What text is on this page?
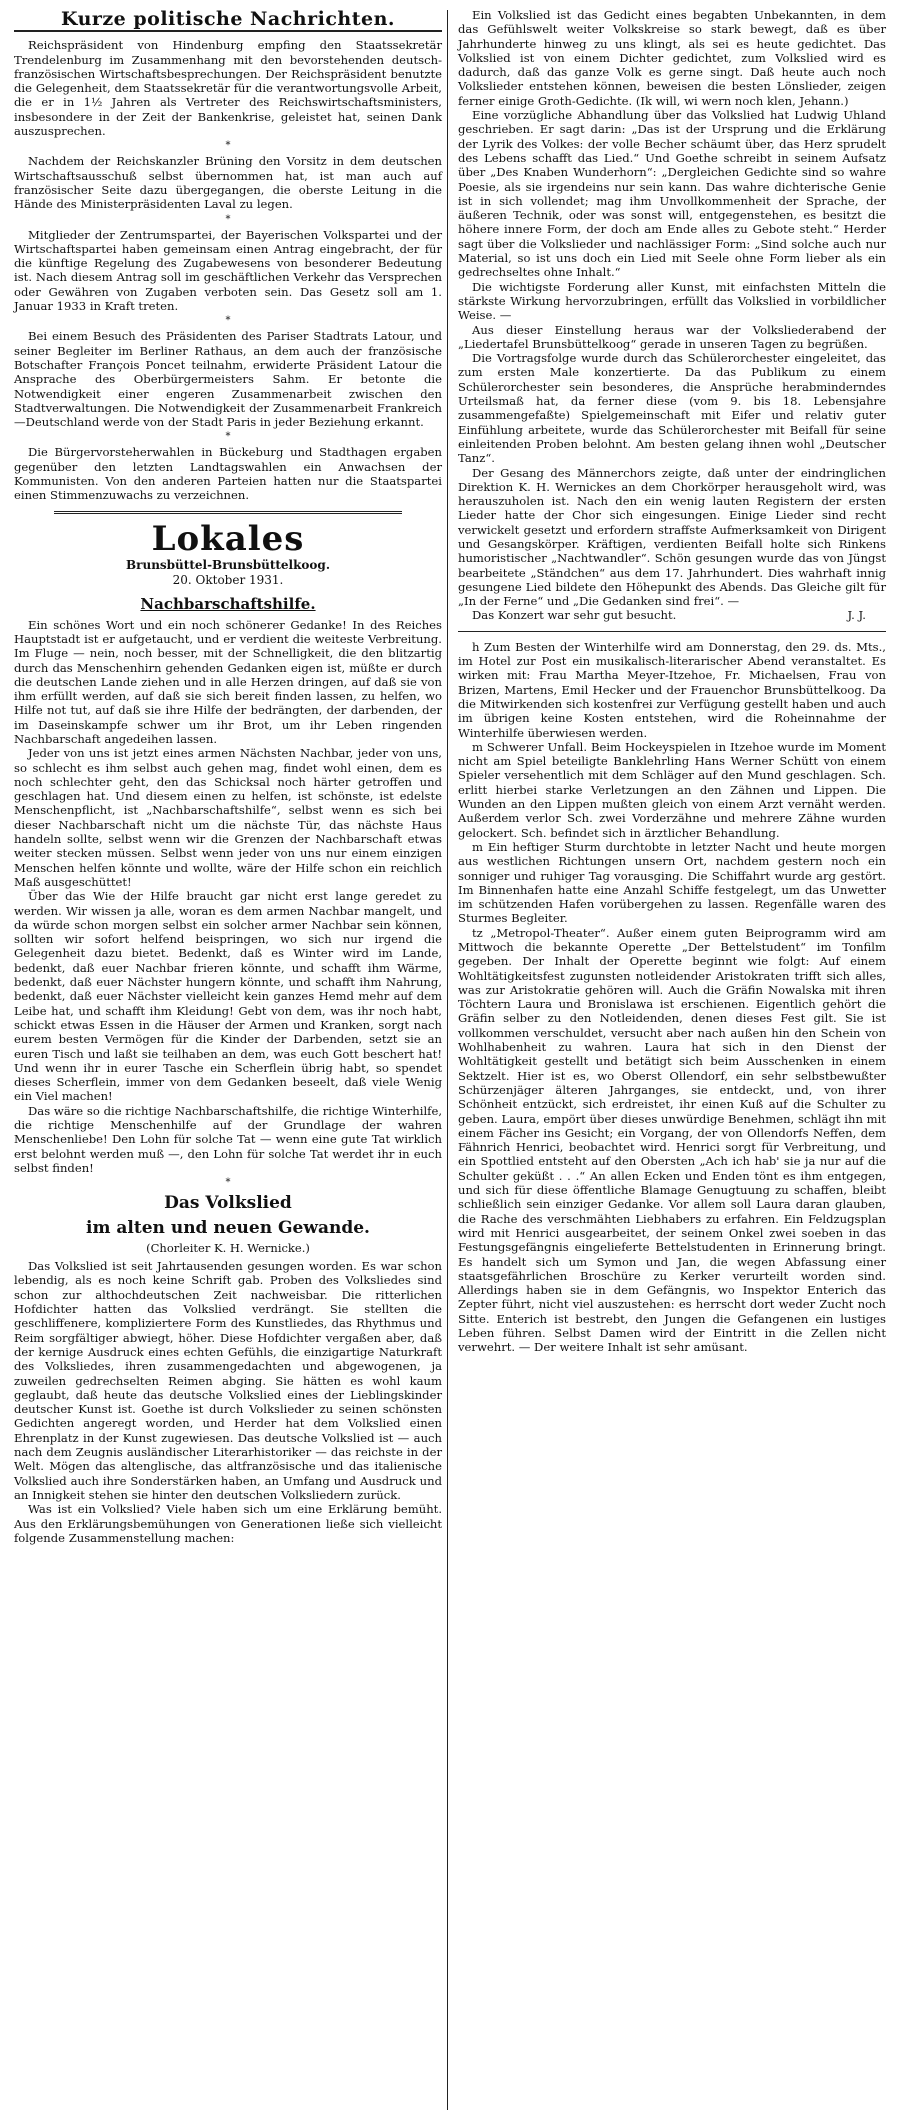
Kurze politische Nachrichten.

Reichspräsident von Hindenburg empfing den Staatssekretär Trendelenburg im Zusammenhang mit den bevorstehenden deutsch-französischen Wirtschaftsbesprechungen. Der Reichspräsident benutzte die Gelegenheit, dem Staatssekretär für die verantwortungsvolle Arbeit, die er in 1½ Jahren als Vertreter des Reichswirtschaftsministers, insbesondere in der Zeit der Bankenkrise, geleistet hat, seinen Dank auszusprechen.

*

Nachdem der Reichskanzler Brüning den Vorsitz in dem deutschen Wirtschaftsausschuß selbst übernommen hat, ist man auch auf französischer Seite dazu übergegangen, die oberste Leitung in die Hände des Ministerpräsidenten Laval zu legen.

*

Mitglieder der Zentrumspartei, der Bayerischen Volkspartei und der Wirtschaftspartei haben gemeinsam einen Antrag eingebracht, der für die künftige Regelung des Zugabewesens von besonderer Bedeutung ist. Nach diesem Antrag soll im geschäftlichen Verkehr das Versprechen oder Gewähren von Zugaben verboten sein. Das Gesetz soll am 1. Januar 1933 in Kraft treten.

*

Bei einem Besuch des Präsidenten des Pariser Stadtrats Latour, und seiner Begleiter im Berliner Rathaus, an dem auch der französische Botschafter François Poncet teilnahm, erwiderte Präsident Latour die Ansprache des Oberbürgermeisters Sahm. Er betonte die Notwendigkeit einer engeren Zusammenarbeit zwischen den Stadtverwaltungen. Die Notwendigkeit der Zusammenarbeit Frankreich—Deutschland werde von der Stadt Paris in jeder Beziehung erkannt.

*

Die Bürgervorsteherwahlen in Bückeburg und Stadthagen ergaben gegenüber den letzten Landtagswahlen ein Anwachsen der Kommunisten. Von den anderen Parteien hatten nur die Staatspartei einen Stimmenzuwachs zu verzeichnen.

Lokales
Brunsbüttel-Brunsbüttelkoog.
20. Oktober 1931.
Nachbarschaftshilfe.

Ein schönes Wort und ein noch schönerer Gedanke! In des Reiches Hauptstadt ist er aufgetaucht, und er verdient die weiteste Verbreitung. Im Fluge — nein, noch besser, mit der Schnelligkeit, die den blitzartig durch das Menschenhirn gehenden Gedanken eigen ist, müßte er durch die deutschen Lande ziehen und in alle Herzen dringen, auf daß sie von ihm erfüllt werden, auf daß sie sich bereit finden lassen, zu helfen, wo Hilfe not tut, auf daß sie ihre Hilfe der bedrängten, der darbenden, der im Daseinskampfe schwer um ihr Brot, um ihr Leben ringenden Nachbarschaft angedeihen lassen.

Jeder von uns ist jetzt eines armen Nächsten Nachbar, jeder von uns, so schlecht es ihm selbst auch gehen mag, findet wohl einen, dem es noch schlechter geht, den das Schicksal noch härter getroffen und geschlagen hat. Und diesem einen zu helfen, ist schönste, ist edelste Menschenpflicht, ist „Nachbarschaftshilfe“, selbst wenn es sich bei dieser Nachbarschaft nicht um die nächste Tür, das nächste Haus handeln sollte, selbst wenn wir die Grenzen der Nachbarschaft etwas weiter stecken müssen. Selbst wenn jeder von uns nur einem einzigen Menschen helfen könnte und wollte, wäre der Hilfe schon ein reichlich Maß ausgeschüttet!

Über das Wie der Hilfe braucht gar nicht erst lange geredet zu werden. Wir wissen ja alle, woran es dem armen Nachbar mangelt, und da würde schon morgen selbst ein solcher armer Nachbar sein können, sollten wir sofort helfend beispringen, wo sich nur irgend die Gelegenheit dazu bietet. Bedenkt, daß es Winter wird im Lande, bedenkt, daß euer Nachbar frieren könnte, und schafft ihm Wärme, bedenkt, daß euer Nächster hungern könnte, und schafft ihm Nahrung, bedenkt, daß euer Nächster vielleicht kein ganzes Hemd mehr auf dem Leibe hat, und schafft ihm Kleidung! Gebt von dem, was ihr noch habt, schickt etwas Essen in die Häuser der Armen und Kranken, sorgt nach eurem besten Vermögen für die Kinder der Darbenden, setzt sie an euren Tisch und laßt sie teilhaben an dem, was euch Gott beschert hat! Und wenn ihr in eurer Tasche ein Scherflein übrig habt, so spendet dieses Scherflein, immer von dem Gedanken beseelt, daß viele Wenig ein Viel machen!

Das wäre so die richtige Nachbarschaftshilfe, die richtige Winterhilfe, die richtige Menschenhilfe auf der Grundlage der wahren Menschenliebe! Den Lohn für solche Tat — wenn eine gute Tat wirklich erst belohnt werden muß —, den Lohn für solche Tat werdet ihr in euch selbst finden!

*
Das Volkslied
im alten und neuen Gewande.
(Chorleiter K. H. Wernicke.)

Das Volkslied ist seit Jahrtausenden gesungen worden. Es war schon lebendig, als es noch keine Schrift gab. Proben des Volksliedes sind schon zur althochdeutschen Zeit nachweisbar. Die ritterlichen Hofdichter hatten das Volkslied verdrängt. Sie stellten die geschliffenere, kompliziertere Form des Kunstliedes, das Rhythmus und Reim sorgfältiger abwiegt, höher. Diese Hofdichter vergaßen aber, daß der kernige Ausdruck eines echten Gefühls, die einzigartige Naturkraft des Volksliedes, ihren zusammengedachten und abgewogenen, ja zuweilen gedrechselten Reimen abging. Sie hätten es wohl kaum geglaubt, daß heute das deutsche Volkslied eines der Lieblingskinder deutscher Kunst ist. Goethe ist durch Volkslieder zu seinen schönsten Gedichten angeregt worden, und Herder hat dem Volkslied einen Ehrenplatz in der Kunst zugewiesen. Das deutsche Volkslied ist — auch nach dem Zeugnis ausländischer Literarhistoriker — das reichste in der Welt. Mögen das altenglische, das altfranzösische und das italienische Volkslied auch ihre Sonderstärken haben, an Umfang und Ausdruck und an Innigkeit stehen sie hinter den deutschen Volksliedern zurück.

Was ist ein Volkslied? Viele haben sich um eine Erklärung bemüht. Aus den Erklärungsbemühungen von Generationen ließe sich vielleicht folgende Zusammenstellung machen:

Ein Volkslied ist das Gedicht eines begabten Unbekannten, in dem das Gefühlswelt weiter Volkskreise so stark bewegt, daß es über Jahrhunderte hinweg zu uns klingt, als sei es heute gedichtet. Das Volkslied ist von einem Dichter gedichtet, zum Volkslied wird es dadurch, daß das ganze Volk es gerne singt. Daß heute auch noch Volkslieder entstehen können, beweisen die besten Lönslieder, zeigen ferner einige Groth-Gedichte. (Ik will, wi wern noch klen, Jehann.)

Eine vorzügliche Abhandlung über das Volkslied hat Ludwig Uhland geschrieben. Er sagt darin: „Das ist der Ursprung und die Erklärung der Lyrik des Volkes: der volle Becher schäumt über, das Herz sprudelt des Lebens schafft das Lied.“ Und Goethe schreibt in seinem Aufsatz über „Des Knaben Wunderhorn“: „Dergleichen Gedichte sind so wahre Poesie, als sie irgendeins nur sein kann. Das wahre dichterische Genie ist in sich vollendet; mag ihm Unvollkommenheit der Sprache, der äußeren Technik, oder was sonst will, entgegenstehen, es besitzt die höhere innere Form, der doch am Ende alles zu Gebote steht.“ Herder sagt über die Volkslieder und nachlässiger Form: „Sind solche auch nur Material, so ist uns doch ein Lied mit Seele ohne Form lieber als ein gedrechseltes ohne Inhalt.“

Die wichtigste Forderung aller Kunst, mit einfachsten Mitteln die stärkste Wirkung hervorzubringen, erfüllt das Volkslied in vorbildlicher Weise. —

Aus dieser Einstellung heraus war der Volksliederabend der „Liedertafel Brunsbüttelkoog“ gerade in unseren Tagen zu begrüßen.

Die Vortragsfolge wurde durch das Schülerorchester eingeleitet, das zum ersten Male konzertierte. Da das Publikum zu einem Schülerorchester sein besonderes, die Ansprüche herabminderndes Urteilsmaß hat, da ferner diese (vom 9. bis 18. Lebensjahre zusammengefaßte) Spielgemeinschaft mit Eifer und relativ guter Einfühlung arbeitete, wurde das Schülerorchester mit Beifall für seine einleitenden Proben belohnt. Am besten gelang ihnen wohl „Deutscher Tanz“.

Der Gesang des Männerchors zeigte, daß unter der eindringlichen Direktion K. H. Wernickes an dem Chorkörper herausgeholt wird, was herauszuholen ist. Nach den ein wenig lauten Registern der ersten Lieder hatte der Chor sich eingesungen. Einige Lieder sind recht verwickelt gesetzt und erfordern straffste Aufmerksamkeit von Dirigent und Gesangskörper. Kräftigen, verdienten Beifall holte sich Rinkens humoristischer „Nachtwandler“. Schön gesungen wurde das von Jüngst bearbeitete „Ständchen“ aus dem 17. Jahrhundert. Dies wahrhaft innig gesungene Lied bildete den Höhepunkt des Abends. Das Gleiche gilt für „In der Ferne“ und „Die Gedanken sind frei“. —

Das Konzert war sehr gut besucht.	J. J.

h Zum Besten der Winterhilfe wird am Donnerstag, den 29. ds. Mts., im Hotel zur Post ein musikalisch-literarischer Abend veranstaltet. Es wirken mit: Frau Martha Meyer-Itzehoe, Fr. Michaelsen, Frau von Brizen, Martens, Emil Hecker und der Frauenchor Brunsbüttelkoog. Da die Mitwirkenden sich kostenfrei zur Verfügung gestellt haben und auch im übrigen keine Kosten entstehen, wird die Roheinnahme der Winterhilfe überwiesen werden.

m Schwerer Unfall. Beim Hockeyspielen in Itzehoe wurde im Moment nicht am Spiel beteiligte Banklehrling Hans Werner Schütt von einem Spieler versehentlich mit dem Schläger auf den Mund geschlagen. Sch. erlitt hierbei starke Verletzungen an den Zähnen und Lippen. Die Wunden an den Lippen mußten gleich von einem Arzt vernäht werden. Außerdem verlor Sch. zwei Vorderzähne und mehrere Zähne wurden gelockert. Sch. befindet sich in ärztlicher Behandlung.

m Ein heftiger Sturm durchtobte in letzter Nacht und heute morgen aus westlichen Richtungen unsern Ort, nachdem gestern noch ein sonniger und ruhiger Tag vorausging. Die Schiffahrt wurde arg gestört. Im Binnenhafen hatte eine Anzahl Schiffe festgelegt, um das Unwetter im schützenden Hafen vorübergehen zu lassen. Regenfälle waren des Sturmes Begleiter.

tz „Metropol-Theater“. Außer einem guten Beiprogramm wird am Mittwoch die bekannte Operette „Der Bettelstudent“ im Tonfilm gegeben. Der Inhalt der Operette beginnt wie folgt: Auf einem Wohltätigkeitsfest zugunsten notleidender Aristokraten trifft sich alles, was zur Aristokratie gehören will. Auch die Gräfin Nowalska mit ihren Töchtern Laura und Bronislawa ist erschienen. Eigentlich gehört die Gräfin selber zu den Notleidenden, denen dieses Fest gilt. Sie ist vollkommen verschuldet, versucht aber nach außen hin den Schein von Wohlhabenheit zu wahren. Laura hat sich in den Dienst der Wohltätigkeit gestellt und betätigt sich beim Ausschenken in einem Sektzelt. Hier ist es, wo Oberst Ollendorf, ein sehr selbstbewußter Schürzenjäger älteren Jahrganges, sie entdeckt, und, von ihrer Schönheit entzückt, sich erdreistet, ihr einen Kuß auf die Schulter zu geben. Laura, empört über dieses unwürdige Benehmen, schlägt ihn mit einem Fächer ins Gesicht; ein Vorgang, der von Ollendorfs Neffen, dem Fähnrich Henrici, beobachtet wird. Henrici sorgt für Verbreitung, und ein Spottlied entsteht auf den Obersten „Ach ich hab' sie ja nur auf die Schulter geküßt . . .“ An allen Ecken und Enden tönt es ihm entgegen, und sich für diese öffentliche Blamage Genugtuung zu schaffen, bleibt schließlich sein einziger Gedanke. Vor allem soll Laura daran glauben, die Rache des verschmähten Liebhabers zu erfahren. Ein Feldzugsplan wird mit Henrici ausgearbeitet, der seinem Onkel zwei soeben in das Festungsgefängnis eingelieferte Bettelstudenten in Erinnerung bringt. Es handelt sich um Symon und Jan, die wegen Abfassung einer staatsgefährlichen Broschüre zu Kerker verurteilt worden sind. Allerdings haben sie in dem Gefängnis, wo Inspektor Enterich das Zepter führt, nicht viel auszustehen: es herrscht dort weder Zucht noch Sitte. Enterich ist bestrebt, den Jungen die Gefangenen ein lustiges Leben führen. Selbst Damen wird der Eintritt in die Zellen nicht verwehrt. — Der weitere Inhalt ist sehr amüsant.
